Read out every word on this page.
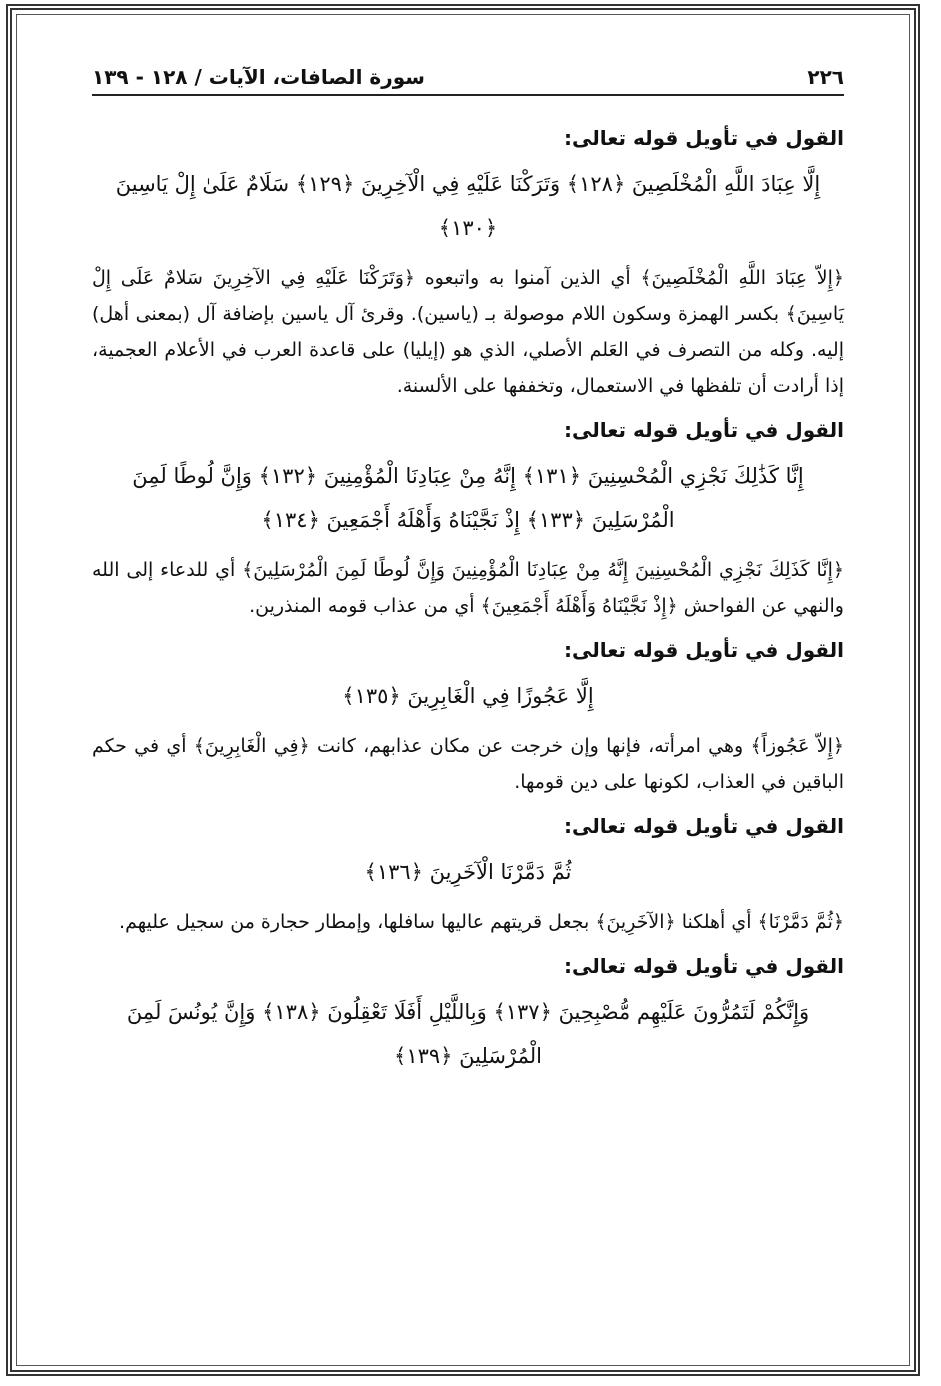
٢٢٦
سورة الصافات، الآيات / ١٢٨ - ١٣٩
القول في تأويل قوله تعالى:
إِلَّا عِبَادَ اللَّهِ الْمُخْلَصِينَ ﴿١٢٨﴾ وَتَرَكْنَا عَلَيْهِ فِي الْآخِرِينَ ﴿١٢٩﴾ سَلَامٌ عَلَىٰ إِلْ يَاسِينَ ﴿١٣٠﴾
﴿إِلاّ عِبَادَ اللَّهِ الْمُخْلَصِينَ﴾ أي الذين آمنوا به واتبعوه ﴿وَتَرَكْنَا عَلَيْهِ فِي الآخِرِينَ سَلامٌ عَلَى إِلْ يَاسِينَ﴾ بكسر الهمزة وسكون اللام موصولة بـ (ياسين). وقرئ آل ياسين بإضافة آل (بمعنى أهل) إليه. وكله من التصرف في العَلم الأصلي، الذي هو (إيليا) على قاعدة العرب في الأعلام العجمية، إذا أرادت أن تلفظها في الاستعمال، وتخففها على الألسنة.
القول في تأويل قوله تعالى:
إِنَّا كَذَٰلِكَ نَجْزِي الْمُحْسِنِينَ ﴿١٣١﴾ إِنَّهُ مِنْ عِبَادِنَا الْمُؤْمِنِينَ ﴿١٣٢﴾ وَإِنَّ لُوطًا لَمِنَ الْمُرْسَلِينَ ﴿١٣٣﴾ إِذْ نَجَّيْنَاهُ وَأَهْلَهُ أَجْمَعِينَ ﴿١٣٤﴾
﴿إِنَّا كَذَلِكَ نَجْزِي الْمُحْسِنِينَ إِنَّهُ مِنْ عِبَادِنَا الْمُؤْمِنِينَ وَإِنَّ لُوطًا لَمِنَ الْمُرْسَلِينَ﴾ أي للدعاء إلى الله والنهي عن الفواحش ﴿إِذْ نَجَّيْنَاهُ وَأَهْلَهُ أَجْمَعِينَ﴾ أي من عذاب قومه المنذرين.
القول في تأويل قوله تعالى:
إِلَّا عَجُوزًا فِي الْغَابِرِينَ ﴿١٣٥﴾
﴿إِلاّ عَجُوزاً﴾ وهي امرأته، فإنها وإن خرجت عن مكان عذابهم، كانت ﴿فِي الْغَابِرِينَ﴾ أي في حكم الباقين في العذاب، لكونها على دين قومها.
القول في تأويل قوله تعالى:
ثُمَّ دَمَّرْنَا الْآخَرِينَ ﴿١٣٦﴾
﴿ثُمَّ دَمَّرْنَا﴾ أي أهلكنا ﴿الآخَرِينَ﴾ بجعل قريتهم عاليها سافلها، وإمطار حجارة من سجيل عليهم.
القول في تأويل قوله تعالى:
وَإِنَّكُمْ لَتَمُرُّونَ عَلَيْهِم مُّصْبِحِينَ ﴿١٣٧﴾ وَبِاللَّيْلِ أَفَلَا تَعْقِلُونَ ﴿١٣٨﴾ وَإِنَّ يُونُسَ لَمِنَ الْمُرْسَلِينَ ﴿١٣٩﴾
